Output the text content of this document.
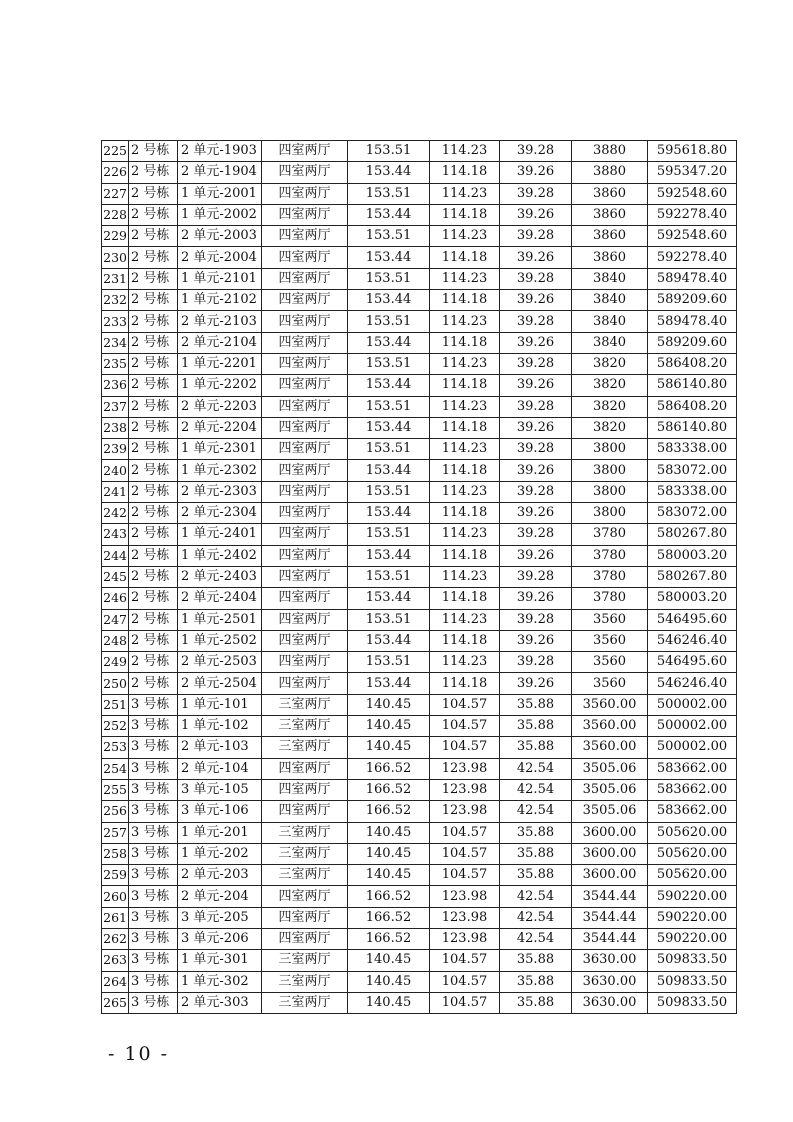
225	2 号栋	2 单元-1903	四室两厅	153.51	114.23	39.28	3880	595618.80
226	2 号栋	2 单元-1904	四室两厅	153.44	114.18	39.26	3880	595347.20
227	2 号栋	1 单元-2001	四室两厅	153.51	114.23	39.28	3860	592548.60
228	2 号栋	1 单元-2002	四室两厅	153.44	114.18	39.26	3860	592278.40
229	2 号栋	2 单元-2003	四室两厅	153.51	114.23	39.28	3860	592548.60
230	2 号栋	2 单元-2004	四室两厅	153.44	114.18	39.26	3860	592278.40
231	2 号栋	1 单元-2101	四室两厅	153.51	114.23	39.28	3840	589478.40
232	2 号栋	1 单元-2102	四室两厅	153.44	114.18	39.26	3840	589209.60
233	2 号栋	2 单元-2103	四室两厅	153.51	114.23	39.28	3840	589478.40
234	2 号栋	2 单元-2104	四室两厅	153.44	114.18	39.26	3840	589209.60
235	2 号栋	1 单元-2201	四室两厅	153.51	114.23	39.28	3820	586408.20
236	2 号栋	1 单元-2202	四室两厅	153.44	114.18	39.26	3820	586140.80
237	2 号栋	2 单元-2203	四室两厅	153.51	114.23	39.28	3820	586408.20
238	2 号栋	2 单元-2204	四室两厅	153.44	114.18	39.26	3820	586140.80
239	2 号栋	1 单元-2301	四室两厅	153.51	114.23	39.28	3800	583338.00
240	2 号栋	1 单元-2302	四室两厅	153.44	114.18	39.26	3800	583072.00
241	2 号栋	2 单元-2303	四室两厅	153.51	114.23	39.28	3800	583338.00
242	2 号栋	2 单元-2304	四室两厅	153.44	114.18	39.26	3800	583072.00
243	2 号栋	1 单元-2401	四室两厅	153.51	114.23	39.28	3780	580267.80
244	2 号栋	1 单元-2402	四室两厅	153.44	114.18	39.26	3780	580003.20
245	2 号栋	2 单元-2403	四室两厅	153.51	114.23	39.28	3780	580267.80
246	2 号栋	2 单元-2404	四室两厅	153.44	114.18	39.26	3780	580003.20
247	2 号栋	1 单元-2501	四室两厅	153.51	114.23	39.28	3560	546495.60
248	2 号栋	1 单元-2502	四室两厅	153.44	114.18	39.26	3560	546246.40
249	2 号栋	2 单元-2503	四室两厅	153.51	114.23	39.28	3560	546495.60
250	2 号栋	2 单元-2504	四室两厅	153.44	114.18	39.26	3560	546246.40
251	3 号栋	1 单元-101	三室两厅	140.45	104.57	35.88	3560.00	500002.00
252	3 号栋	1 单元-102	三室两厅	140.45	104.57	35.88	3560.00	500002.00
253	3 号栋	2 单元-103	三室两厅	140.45	104.57	35.88	3560.00	500002.00
254	3 号栋	2 单元-104	四室两厅	166.52	123.98	42.54	3505.06	583662.00
255	3 号栋	3 单元-105	四室两厅	166.52	123.98	42.54	3505.06	583662.00
256	3 号栋	3 单元-106	四室两厅	166.52	123.98	42.54	3505.06	583662.00
257	3 号栋	1 单元-201	三室两厅	140.45	104.57	35.88	3600.00	505620.00
258	3 号栋	1 单元-202	三室两厅	140.45	104.57	35.88	3600.00	505620.00
259	3 号栋	2 单元-203	三室两厅	140.45	104.57	35.88	3600.00	505620.00
260	3 号栋	2 单元-204	四室两厅	166.52	123.98	42.54	3544.44	590220.00
261	3 号栋	3 单元-205	四室两厅	166.52	123.98	42.54	3544.44	590220.00
262	3 号栋	3 单元-206	四室两厅	166.52	123.98	42.54	3544.44	590220.00
263	3 号栋	1 单元-301	三室两厅	140.45	104.57	35.88	3630.00	509833.50
264	3 号栋	1 单元-302	三室两厅	140.45	104.57	35.88	3630.00	509833.50
265	3 号栋	2 单元-303	三室两厅	140.45	104.57	35.88	3630.00	509833.50
- 10 -
